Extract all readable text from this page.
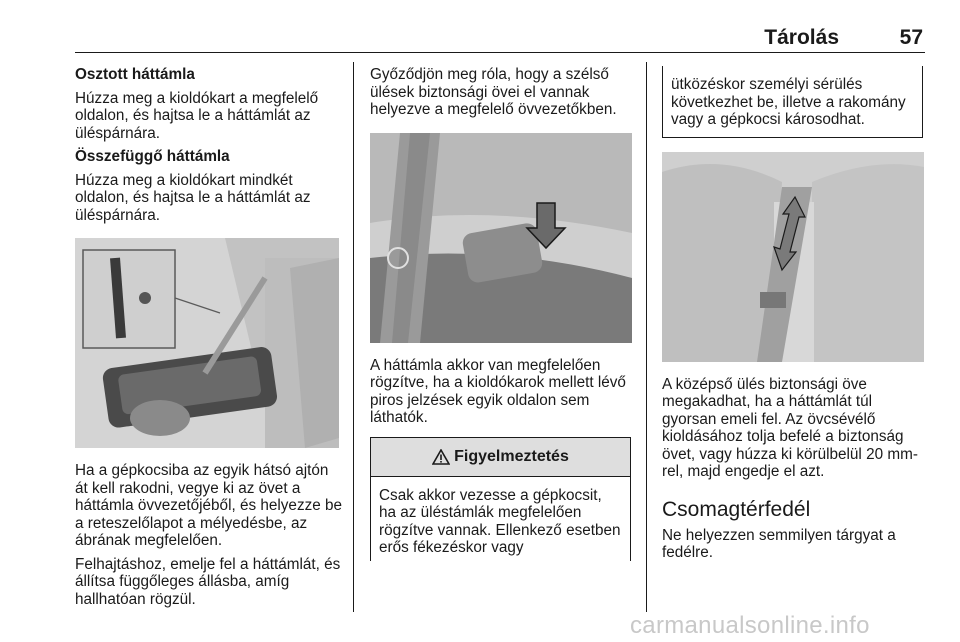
Tárolás	57
Osztott háttámla

Húzza meg a kioldókart a megfelelő oldalon, és hajtsa le a háttámlát az üléspárnára.

Összefüggő háttámla

Húzza meg a kioldókart mindkét oldalon, és hajtsa le a háttámlát az üléspárnára.

Ha a gépkocsiba az egyik hátsó ajtón át kell rakodni, vegye ki az övet a háttámla övvezetőjéből, és helyezze be a reteszelőlapot a mélyedésbe, az ábrának megfelelően.

Felhajtáshoz, emelje fel a háttámlát, és állítsa függőleges állásba, amíg hallhatóan rögzül.

Győződjön meg róla, hogy a szélső ülések biztonsági övei el vannak helyezve a megfelelő övvezetőkben.

A háttámla akkor van megfelelően rögzítve, ha a kioldókarok mellett lévő piros jelzések egyik oldalon sem láthatók.

Figyelmeztetés

Csak akkor vezesse a gépkocsit, ha az üléstámlák megfelelően rögzítve vannak. Ellenkező esetben erős fékezéskor vagy

ütközéskor személyi sérülés következhet be, illetve a rakomány vagy a gépkocsi károsodhat.

A középső ülés biztonsági öve megakadhat, ha a háttámlát túl gyorsan emeli fel. Az övcsévélő kioldásához tolja befelé a biztonság övet, vagy húzza ki körülbelül 20 mm-rel, majd engedje el azt.

Csomagtérfedél

Ne helyezzen semmilyen tárgyat a fedélre.

carmanualsonline.info
